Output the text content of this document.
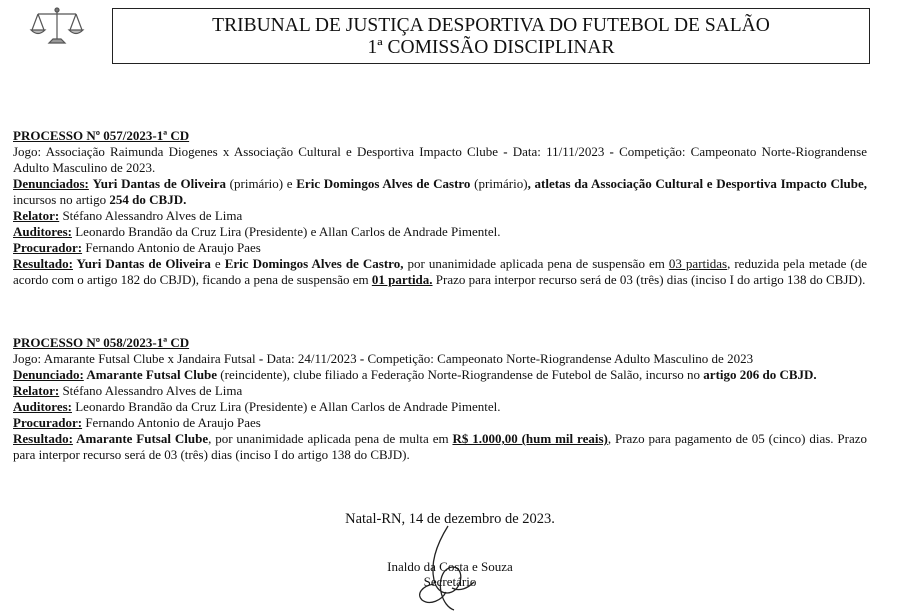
TRIBUNAL DE JUSTIÇA DESPORTIVA DO FUTEBOL DE SALÃO
1ª COMISSÃO DISCIPLINAR

PROCESSO Nº 057/2023-1ª CD

Jogo: Associação Raimunda Diogenes x Associação Cultural e Desportiva Impacto Clube - Data: 11/11/2023 - Competição: Campeonato Norte-Riograndense Adulto Masculino de 2023.

Denunciados: Yuri Dantas de Oliveira (primário) e Eric Domingos Alves de Castro (primário), atletas da Associação Cultural e Desportiva Impacto Clube, incursos no artigo 254 do CBJD.

Relator: Stéfano Alessandro Alves de Lima

Auditores: Leonardo Brandão da Cruz Lira (Presidente) e Allan Carlos de Andrade Pimentel.

Procurador: Fernando Antonio de Araujo Paes

Resultado: Yuri Dantas de Oliveira e Eric Domingos Alves de Castro, por unanimidade aplicada pena de suspensão em 03 partidas, reduzida pela metade (de acordo com o artigo 182 do CBJD), ficando a pena de suspensão em 01 partida. Prazo para interpor recurso será de 03 (três) dias (inciso I do artigo 138 do CBJD).

PROCESSO Nº 058/2023-1ª CD

Jogo: Amarante Futsal Clube x Jandaira Futsal - Data: 24/11/2023 - Competição: Campeonato Norte-Riograndense Adulto Masculino de 2023

Denunciado: Amarante Futsal Clube (reincidente), clube filiado a Federação Norte-Riograndense de Futebol de Salão, incurso no artigo 206 do CBJD.

Relator: Stéfano Alessandro Alves de Lima

Auditores: Leonardo Brandão da Cruz Lira (Presidente) e Allan Carlos de Andrade Pimentel.

Procurador: Fernando Antonio de Araujo Paes

Resultado: Amarante Futsal Clube, por unanimidade aplicada pena de multa em R$ 1.000,00 (hum mil reais), Prazo para pagamento de 05 (cinco) dias. Prazo para interpor recurso será de 03 (três) dias (inciso I do artigo 138 do CBJD).

Natal-RN, 14 de dezembro de 2023.
Inaldo da Costa e Souza
Secretário
